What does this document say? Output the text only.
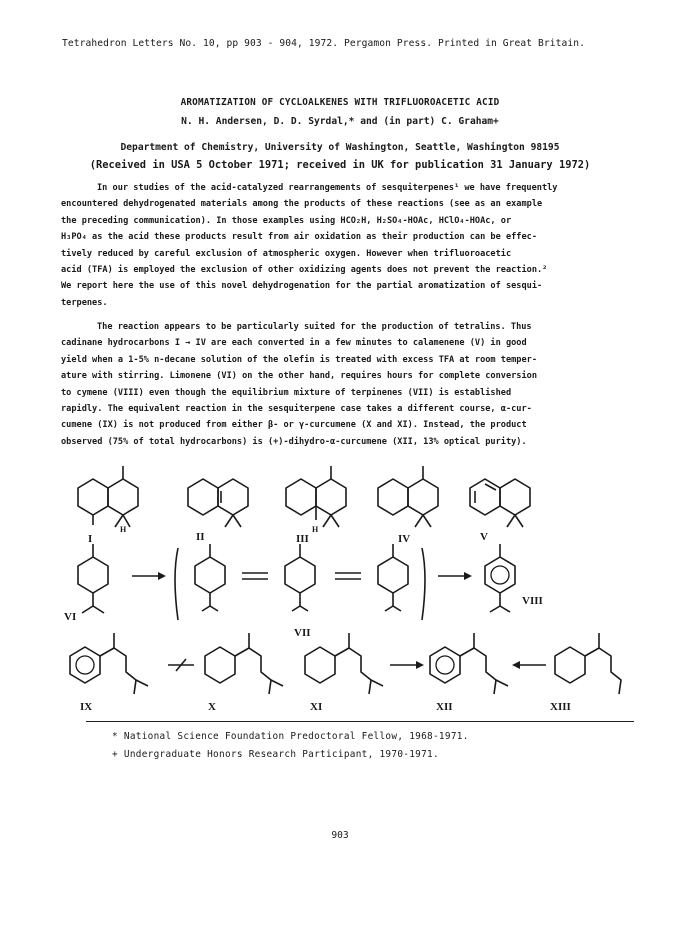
Tetrahedron Letters No. 10, pp 903 - 904, 1972. Pergamon Press. Printed in Great Britain.
AROMATIZATION OF CYCLOALKENES WITH TRIFLUOROACETIC ACID
N. H. Andersen, D. D. Syrdal,* and (in part) C. Graham+
Department of Chemistry, University of Washington, Seattle, Washington 98195
(Received in USA 5 October 1971; received in UK for publication 31 January 1972)
In our studies of the acid-catalyzed rearrangements of sesquiterpenes¹ we have frequently
encountered dehydrogenated materials among the products of these reactions (see as an example
the preceding communication). In those examples using HCO₂H, H₂SO₄-HOAc, HClO₄-HOAc, or
H₃PO₄ as the acid these products result from air oxidation as their production can be effec-
tively reduced by careful exclusion of atmospheric oxygen. However when trifluoroacetic
acid (TFA) is employed the exclusion of other oxidizing agents does not prevent the reaction.²
We report here the use of this novel dehydrogenation for the partial aromatization of sesqui-
terpenes.
The reaction appears to be particularly suited for the production of tetralins. Thus
cadinane hydrocarbons I → IV are each converted in a few minutes to calamenene (V) in good
yield when a 1-5% n-decane solution of the olefin is treated with excess TFA at room temper-
ature with stirring. Limonene (VI) on the other hand, requires hours for complete conversion
to cymene (VIII) even though the equilibrium mixture of terpinenes (VII) is established
rapidly. The equivalent reaction in the sesquiterpene case takes a different course, α-cur-
cumene (IX) is not produced from either β- or γ-curcumene (X and XI). Instead, the product
observed (75% of total hydrocarbons) is (+)-dihydro-α-curcumene (XII, 13% optical purity).
I	II	III	IV	V
VI
VII
VIII
IX	X	XI	XII	XIII
H	H
* National Science Foundation Predoctoral Fellow, 1968-1971.
+ Undergraduate Honors Research Participant, 1970-1971.
903
